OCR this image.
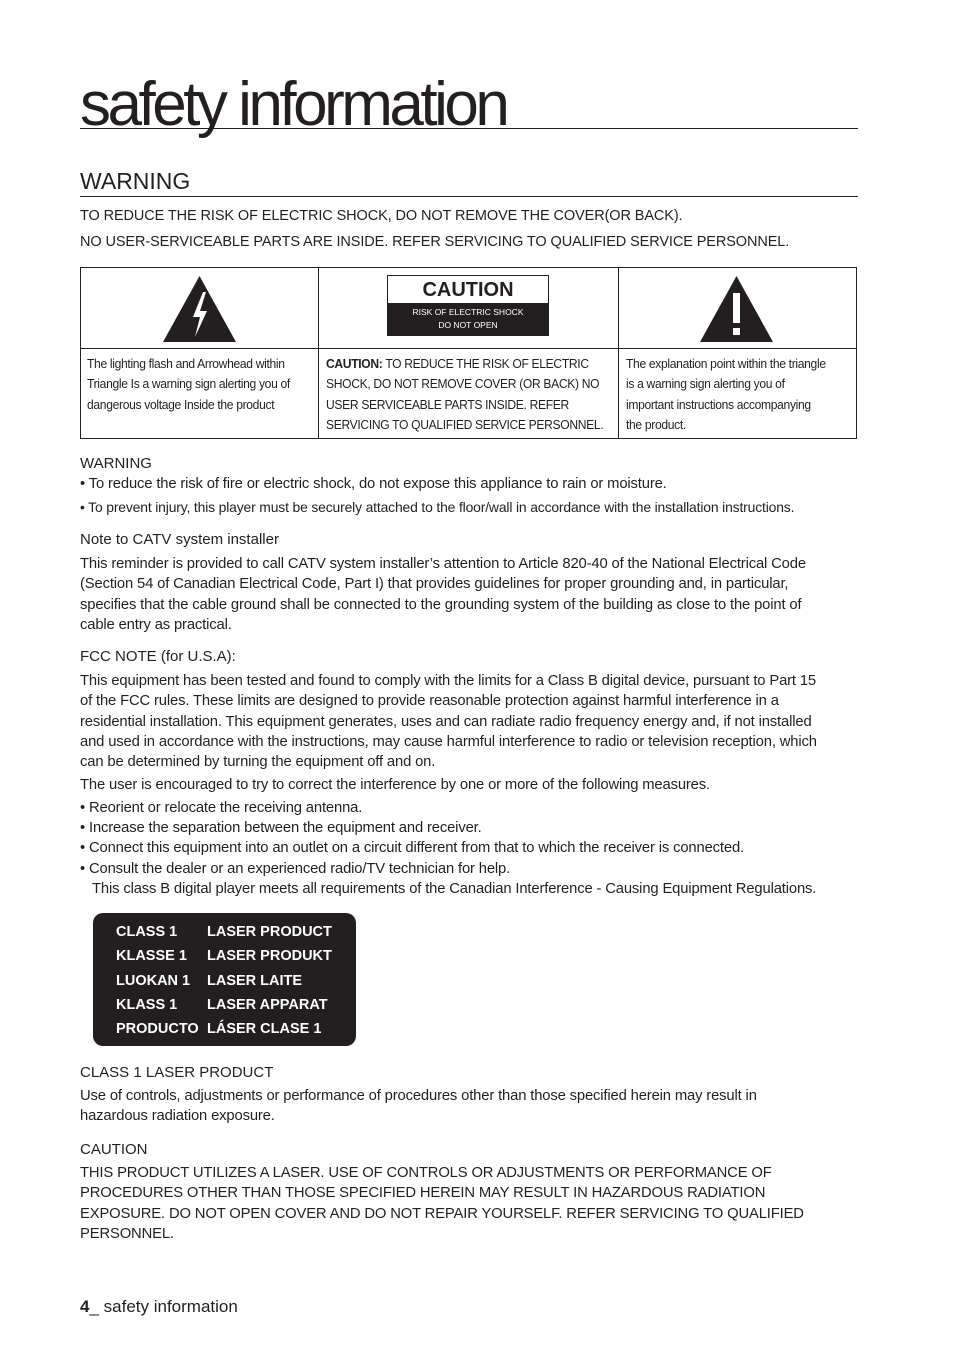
safety information
WARNING
TO REDUCE THE RISK OF ELECTRIC SHOCK, DO NOT REMOVE THE COVER(OR BACK).
NO USER-SERVICEABLE PARTS ARE INSIDE. REFER SERVICING TO QUALIFIED SERVICE PERSONNEL.
CAUTION
RISK OF ELECTRIC SHOCK
DO NOT OPEN
The lighting flash and Arrowhead within
Triangle Is a warning sign alerting you of
dangerous voltage Inside the product
CAUTION: TO REDUCE THE RISK OF ELECTRIC
SHOCK, DO NOT REMOVE COVER (OR BACK) NO
USER SERVICEABLE PARTS INSIDE. REFER
SERVICING TO QUALIFIED SERVICE PERSONNEL.
The explanation point within the triangle
is a warning sign alerting you of
important instructions accompanying
the product.
WARNING
• To reduce the risk of fire or electric shock, do not expose this appliance to rain or moisture.
• To prevent injury, this player must be securely attached to the floor/wall in accordance with the installation instructions.
Note to CATV system installer
This reminder is provided to call CATV system installer’s attention to Article 820-40 of the National Electrical Code
(Section 54 of Canadian Electrical Code, Part I) that provides guidelines for proper grounding and, in particular,
specifies that the cable ground shall be connected to the grounding system of the building as close to the point of
cable entry as practical.
FCC NOTE (for U.S.A):
This equipment has been tested and found to comply with the limits for a Class B digital device, pursuant to Part 15
of the FCC rules. These limits are designed to provide reasonable protection against harmful interference in a
residential installation. This equipment generates, uses and can radiate radio frequency energy and, if not installed
and used in accordance with the instructions, may cause harmful interference to radio or television reception, which
can be determined by turning the equipment off and on.
The user is encouraged to try to correct the interference by one or more of the following measures.
• Reorient or relocate the receiving antenna.
• Increase the separation between the equipment and receiver.
• Connect this equipment into an outlet on a circuit different from that to which the receiver is connected.
• Consult the dealer or an experienced radio/TV technician for help.
This class B digital player meets all requirements of the Canadian Interference - Causing Equipment Regulations.
CLASS 1 LASER PRODUCT
KLASSE 1 LASER PRODUKT
LUOKAN 1 LASER LAITE
KLASS 1 LASER APPARAT
PRODUCTO LÁSER CLASE 1
CLASS 1 LASER PRODUCT
Use of controls, adjustments or performance of procedures other than those specified herein may result in
hazardous radiation exposure.
CAUTION
THIS PRODUCT UTILIZES A LASER. USE OF CONTROLS OR ADJUSTMENTS OR PERFORMANCE OF
PROCEDURES OTHER THAN THOSE SPECIFIED HEREIN MAY RESULT IN HAZARDOUS RADIATION
EXPOSURE. DO NOT OPEN COVER AND DO NOT REPAIR YOURSELF. REFER SERVICING TO QUALIFIED
PERSONNEL.
4_ safety information
